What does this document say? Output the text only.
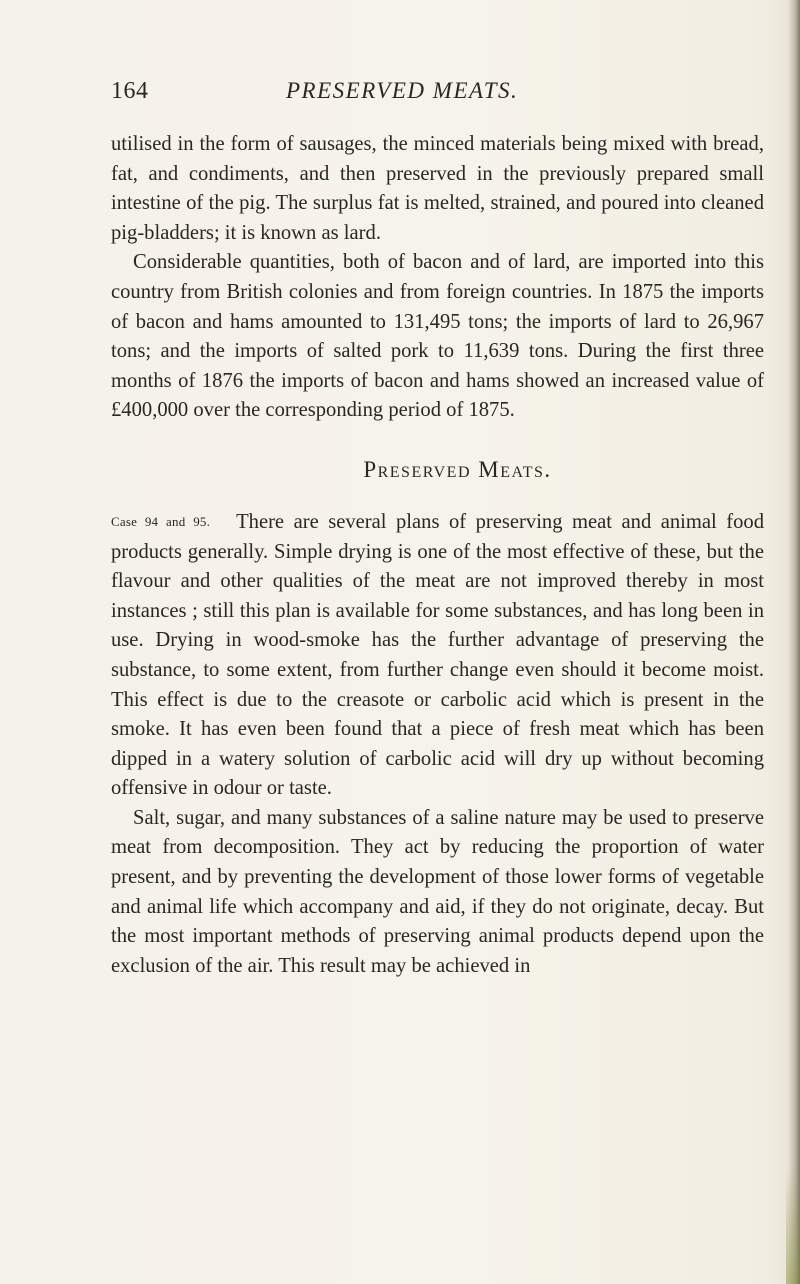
164	PRESERVED MEATS.

utilised in the form of sausages, the minced materials being mixed with bread, fat, and condiments, and then preserved in the previously prepared small intestine of the pig. The surplus fat is melted, strained, and poured into cleaned pig-bladders; it is known as lard.

Considerable quantities, both of bacon and of lard, are imported into this country from British colonies and from foreign countries. In 1875 the imports of bacon and hams amounted to 131,495 tons; the imports of lard to 26,967 tons; and the imports of salted pork to 11,639 tons. During the first three months of 1876 the imports of bacon and hams showed an increased value of £400,000 over the corresponding period of 1875.

Preserved Meats.

Case 94 and 95. There are several plans of preserving meat and animal food products generally. Simple drying is one of the most effective of these, but the flavour and other qualities of the meat are not improved thereby in most instances ; still this plan is available for some substances, and has long been in use. Drying in wood-smoke has the further advantage of preserving the substance, to some extent, from further change even should it become moist. This effect is due to the creasote or carbolic acid which is present in the smoke. It has even been found that a piece of fresh meat which has been dipped in a watery solution of carbolic acid will dry up without becoming offensive in odour or taste.

Salt, sugar, and many substances of a saline nature may be used to preserve meat from decomposition. They act by reducing the proportion of water present, and by preventing the development of those lower forms of vegetable and animal life which accompany and aid, if they do not originate, decay. But the most important methods of preserving animal products depend upon the exclusion of the air. This result may be achieved in
